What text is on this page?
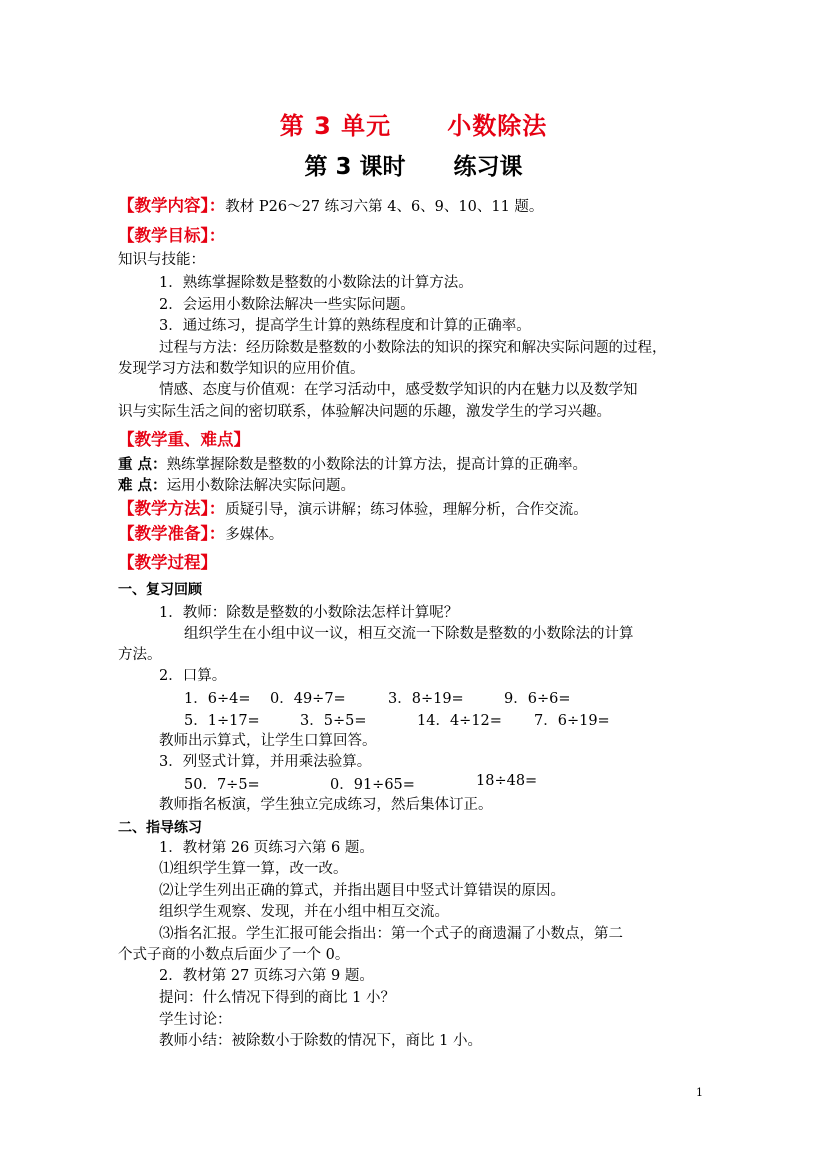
第 3 单元      小数除法
第 3 课时      练习课
【教学内容】：教材 P26～27 练习六第 4、6、9、10、11 题。
【教学目标】：
知识与技能：
1．熟练掌握除数是整数的小数除法的计算方法。
2．会运用小数除法解决一些实际问题。
3．通过练习，提高学生计算的熟练程度和计算的正确率。
过程与方法：经历除数是整数的小数除法的知识的探究和解决实际问题的过程，
发现学习方法和数学知识的应用价值。
情感、态度与价值观：在学习活动中，感受数学知识的内在魅力以及数学知
识与实际生活之间的密切联系，体验解决问题的乐趣，激发学生的学习兴趣。
【教学重、难点】
重 点：熟练掌握除数是整数的小数除法的计算方法，提高计算的正确率。
难 点：运用小数除法解决实际问题。
【教学方法】：质疑引导，演示讲解；练习体验，理解分析，合作交流。
【教学准备】：多媒体。
【教学过程】
一、复习回顾
1．教师：除数是整数的小数除法怎样计算呢？
组织学生在小组中议一议，相互交流一下除数是整数的小数除法的计算
方法。
2．口算。
1．6÷4= 0．49÷7=	3．8÷19=	9．6÷6=
5．1÷17=	3．5÷5=	14．4÷12= 7．6÷19=
教师出示算式，让学生口算回答。
3．列竖式计算，并用乘法验算。
50．7÷5=	0．91÷65=	18÷48=
教师指名板演，学生独立完成练习，然后集体订正。
二、指导练习
1．教材第 26 页练习六第 6 题。
⑴组织学生算一算，改一改。
⑵让学生列出正确的算式，并指出题目中竖式计算错误的原因。
组织学生观察、发现，并在小组中相互交流。
⑶指名汇报。学生汇报可能会指出：第一个式子的商遗漏了小数点，第二
个式子商的小数点后面少了一个 0。
2．教材第 27 页练习六第 9 题。
提问：什么情况下得到的商比 1 小？
学生讨论：
教师小结：被除数小于除数的情况下，商比 1 小。
1
